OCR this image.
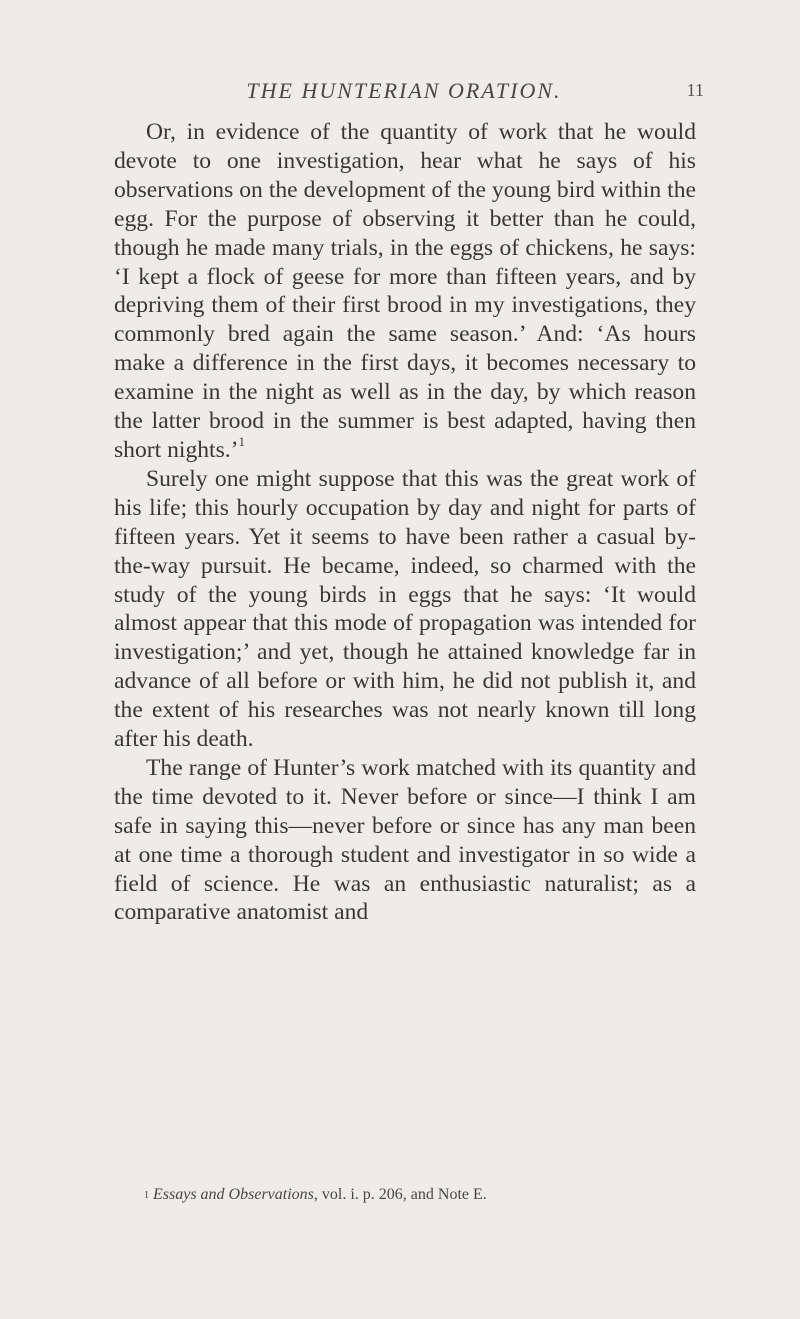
THE HUNTERIAN ORATION.	11

Or, in evidence of the quantity of work that he would devote to one investigation, hear what he says of his observations on the development of the young bird within the egg. For the purpose of observing it better than he could, though he made many trials, in the eggs of chickens, he says: ‘I kept a flock of geese for more than fifteen years, and by depriving them of their first brood in my investigations, they commonly bred again the same season.’ And: ‘As hours make a difference in the first days, it becomes necessary to examine in the night as well as in the day, by which reason the latter brood in the summer is best adapted, having then short nights.’$^1$

Surely one might suppose that this was the great work of his life; this hourly occupation by day and night for parts of fifteen years. Yet it seems to have been rather a casual by-the-way pursuit. He became, indeed, so charmed with the study of the young birds in eggs that he says: ‘It would almost appear that this mode of propagation was intended for investigation;’ and yet, though he attained knowledge far in advance of all before or with him, he did not publish it, and the extent of his researches was not nearly known till long after his death.

The range of Hunter’s work matched with its quantity and the time devoted to it. Never before or since—I think I am safe in saying this—never before or since has any man been at one time a thorough student and investigator in so wide a field of science. He was an enthusiastic naturalist; as a comparative anatomist and

$^1$ Essays and Observations, vol. i. p. 206, and Note E.
